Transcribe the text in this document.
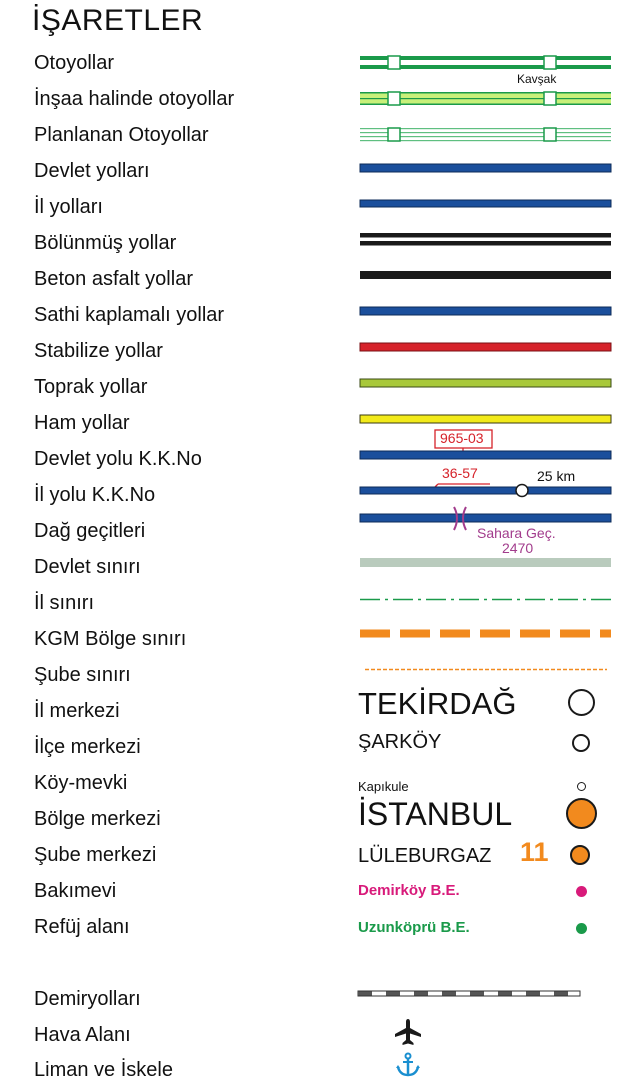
İŞARETLER
Otoyollar
İnşaa halinde otoyollar
Planlanan Otoyollar
Devlet yolları
İl yolları
Bölünmüş yollar
Beton asfalt yollar
Sathi kaplamalı yollar
Stabilize yollar
Toprak yollar
Ham yollar
Devlet yolu K.K.No
İl yolu K.K.No
Dağ geçitleri
Devlet sınırı
İl sınırı
KGM Bölge sınırı
Şube sınırı
İl merkezi
İlçe merkezi
Köy-mevki
Bölge merkezi
Şube merkezi
Bakımevi
Refüj alanı
Demiryolları
Hava Alanı
Liman ve İskele
Kavşak
965-03
36-57	25 km
Sahara Geç.
2470
TEKİRDAĞ
ŞARKÖY
Kapıkule
İSTANBUL
LÜLEBURGAZ 11
Demirköy B.E.
Uzunköprü B.E.
